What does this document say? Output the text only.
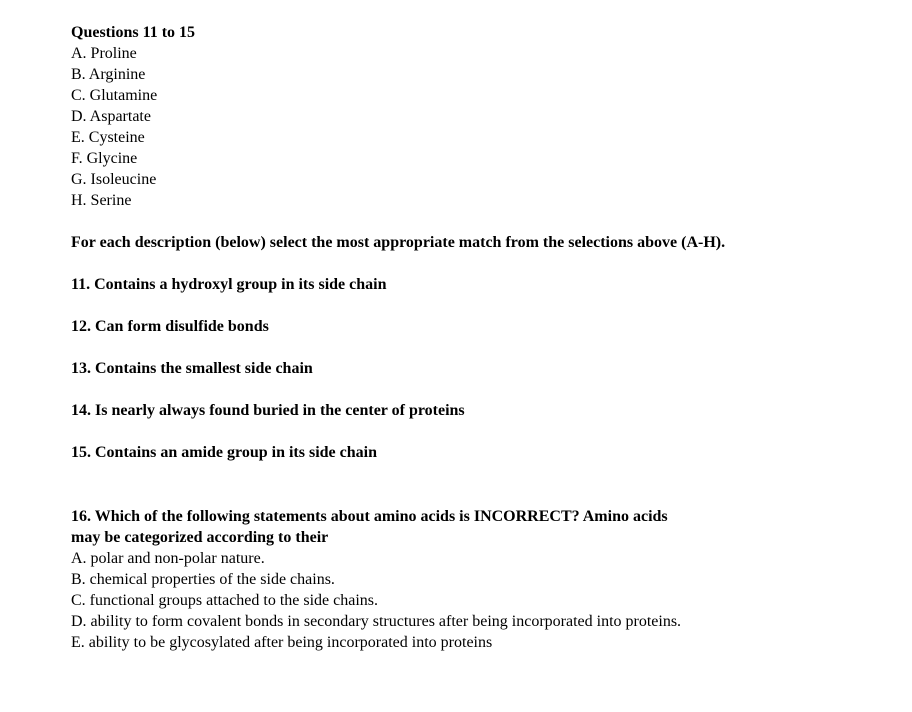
Questions 11 to 15
A. Proline
B. Arginine
C. Glutamine
D. Aspartate
E. Cysteine
F. Glycine
G. Isoleucine
H. Serine
For each description (below) select the most appropriate match from the selections above (A-H).
11. Contains a hydroxyl group in its side chain
12. Can form disulfide bonds
13. Contains the smallest side chain
14. Is nearly always found buried in the center of proteins
15. Contains an amide group in its side chain
16. Which of the following statements about amino acids is INCORRECT? Amino acids
may be categorized according to their
A. polar and non-polar nature.
B. chemical properties of the side chains.
C. functional groups attached to the side chains.
D. ability to form covalent bonds in secondary structures after being incorporated into proteins.
E. ability to be glycosylated after being incorporated into proteins
